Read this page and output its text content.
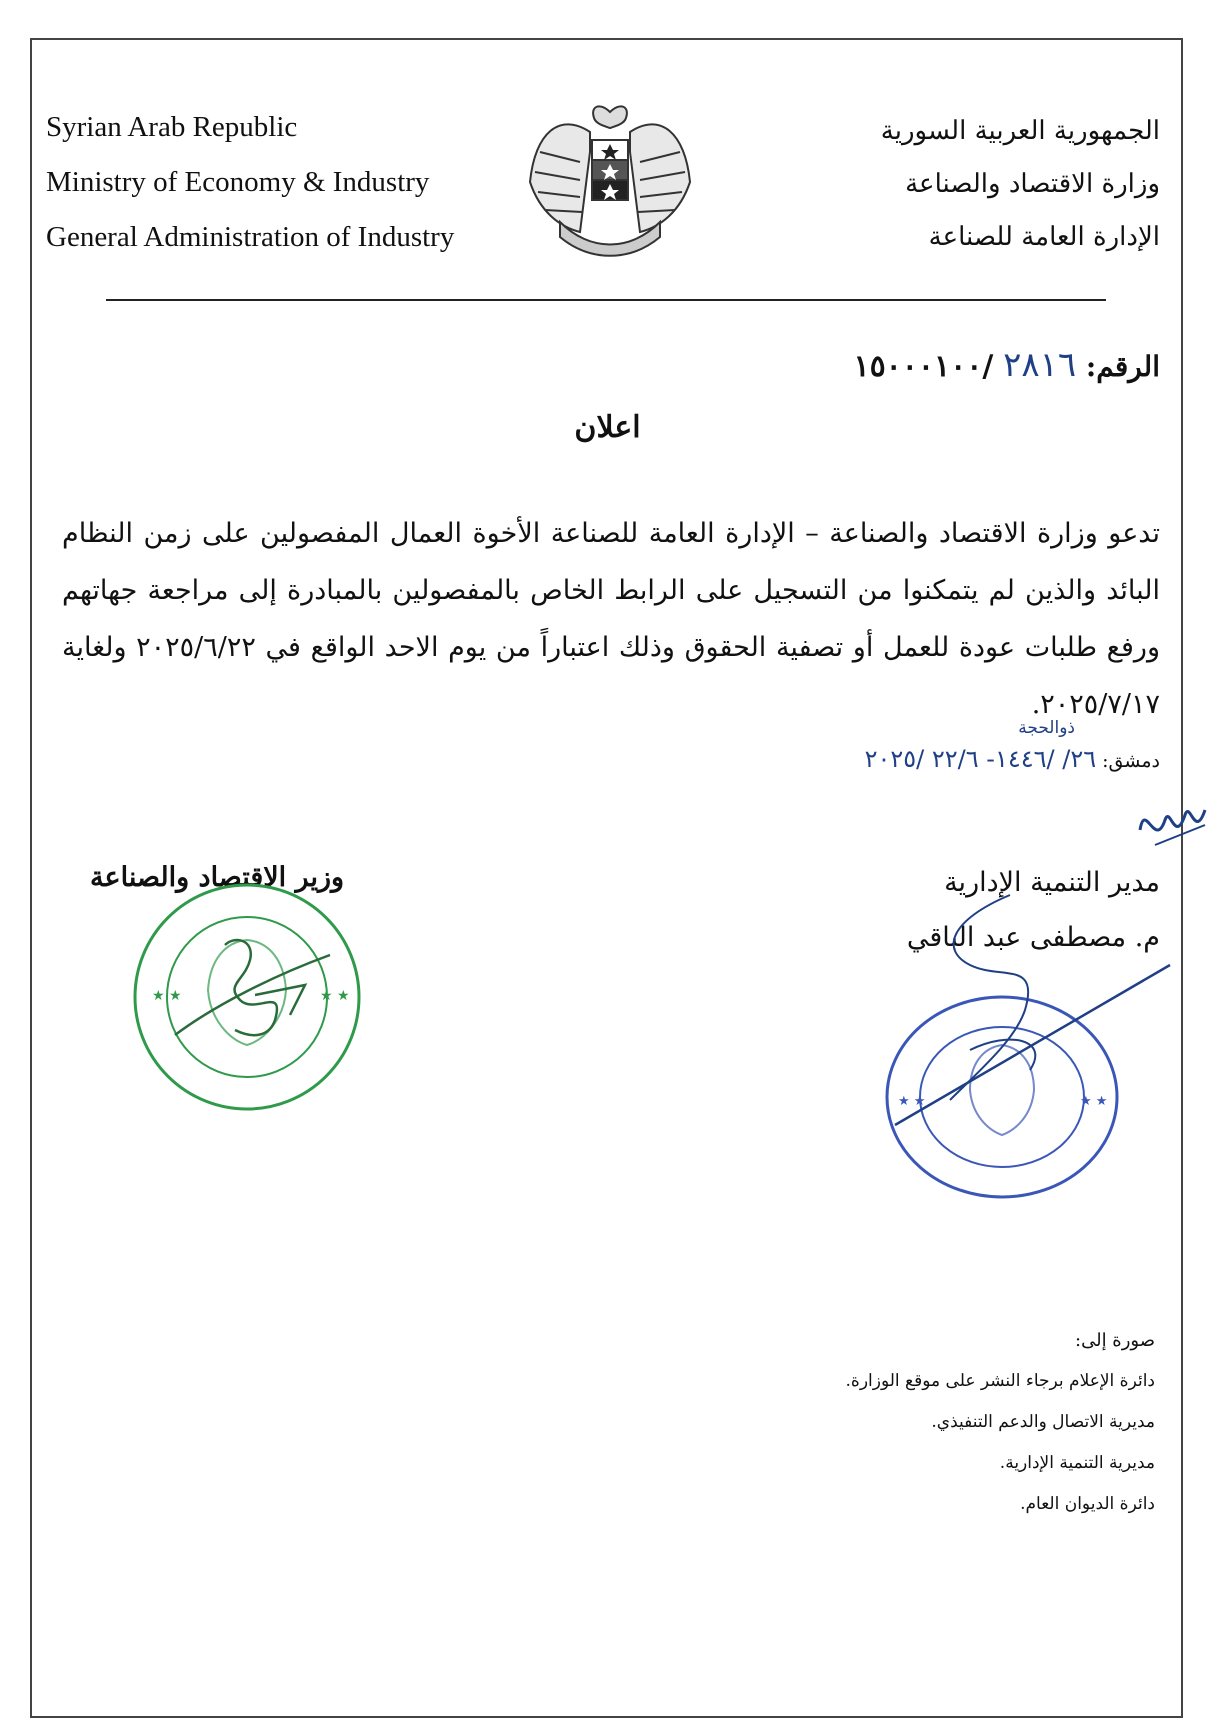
Syrian Arab Republic
Ministry of Economy & Industry
General Administration of Industry
الجمهورية العربية السورية
وزارة الاقتصاد والصناعة
الإدارة العامة للصناعة
الرقم: ٢٨١٦ /١٥٠٠٠١٠٠
اعلان
تدعو وزارة الاقتصاد والصناعة – الإدارة العامة للصناعة الأخوة العمال المفصولين على زمن النظام البائد والذين لم يتمكنوا من التسجيل على الرابط الخاص بالمفصولين بالمبادرة إلى مراجعة جهاتهم ورفع طلبات عودة للعمل أو تصفية الحقوق وذلك اعتباراً من يوم الاحد الواقع في ٢٠٢٥/٦/٢٢ ولغاية ٢٠٢٥/٧/١٧.
ذوالحجة
دمشق: ٢٦/ /١٤٤٦- ٢٢/٦ /٢٠٢٥
وزير الاقتصاد والصناعة	مدير التنمية الإدارية
م. مصطفى عبد الباقي
★ ★	★ ★
★ ★	★ ★
صورة إلى:
دائرة الإعلام برجاء النشر على موقع الوزارة.
مديرية الاتصال والدعم التنفيذي.
مديرية التنمية الإدارية.
دائرة الديوان العام.
